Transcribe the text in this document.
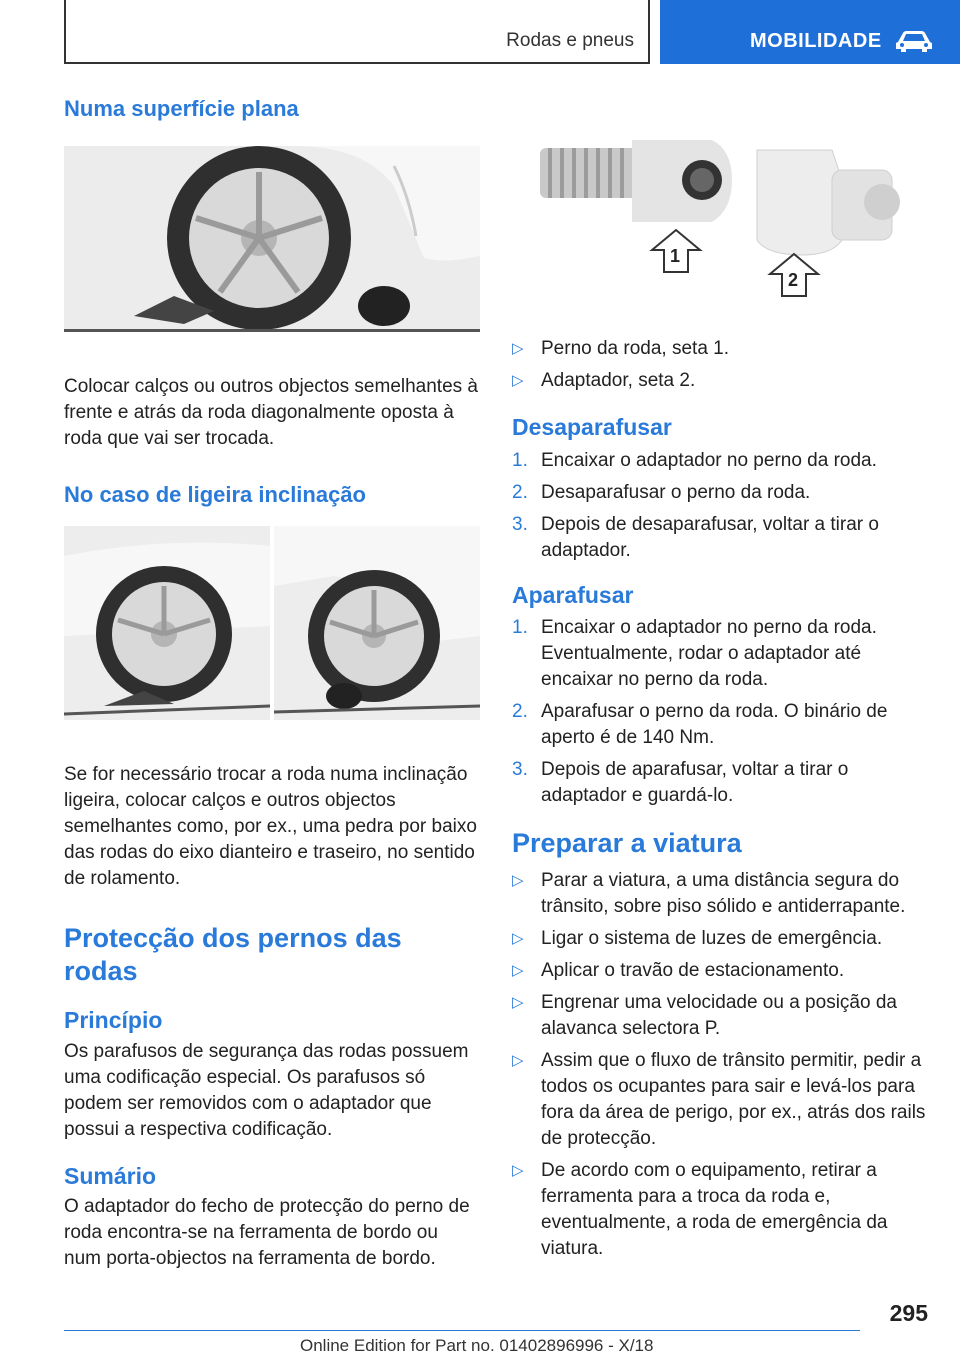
Rodas e pneus	MOBILIDADE
Numa superfície plana

Colocar calços ou outros objectos semelhantes à frente e atrás da roda diagonalmente oposta à roda que vai ser trocada.

No caso de ligeira inclinação

Se for necessário trocar a roda numa inclinação ligeira, colocar calços e outros objectos semelhantes como, por ex., uma pedra por baixo das rodas do eixo dianteiro e traseiro, no sentido de rolamento.

Protecção dos pernos das rodas
Princípio

Os parafusos de segurança das rodas possuem uma codificação especial. Os parafusos só podem ser removidos com o adaptador que possui a respectiva codificação.

Sumário

O adaptador do fecho de protecção do perno de roda encontra-se na ferramenta de bordo ou num porta-objectos na ferramenta de bordo.

1
2
▷ Perno da roda, seta 1.
▷ Adaptador, seta 2.
Desaparafusar
1. Encaixar o adaptador no perno da roda.
2. Desaparafusar o perno da roda.
3. Depois de desaparafusar, voltar a tirar o adaptador.
Aparafusar
1. Encaixar o adaptador no perno da roda. Eventualmente, rodar o adaptador até encaixar no perno da roda.
2. Aparafusar o perno da roda. O binário de aperto é de 140 Nm.
3. Depois de aparafusar, voltar a tirar o adaptador e guardá-lo.
Preparar a viatura
▷ Parar a viatura, a uma distância segura do trânsito, sobre piso sólido e antiderrapante.
▷ Ligar o sistema de luzes de emergência.
▷ Aplicar o travão de estacionamento.
▷ Engrenar uma velocidade ou a posição da alavanca selectora P.
▷ Assim que o fluxo de trânsito permitir, pedir a todos os ocupantes para sair e levá-los para fora da área de perigo, por ex., atrás dos rails de protecção.
▷ De acordo com o equipamento, retirar a ferramenta para a troca da roda e, eventualmente, a roda de emergência da viatura.
295
Online Edition for Part no. 01402896996 - X/18
